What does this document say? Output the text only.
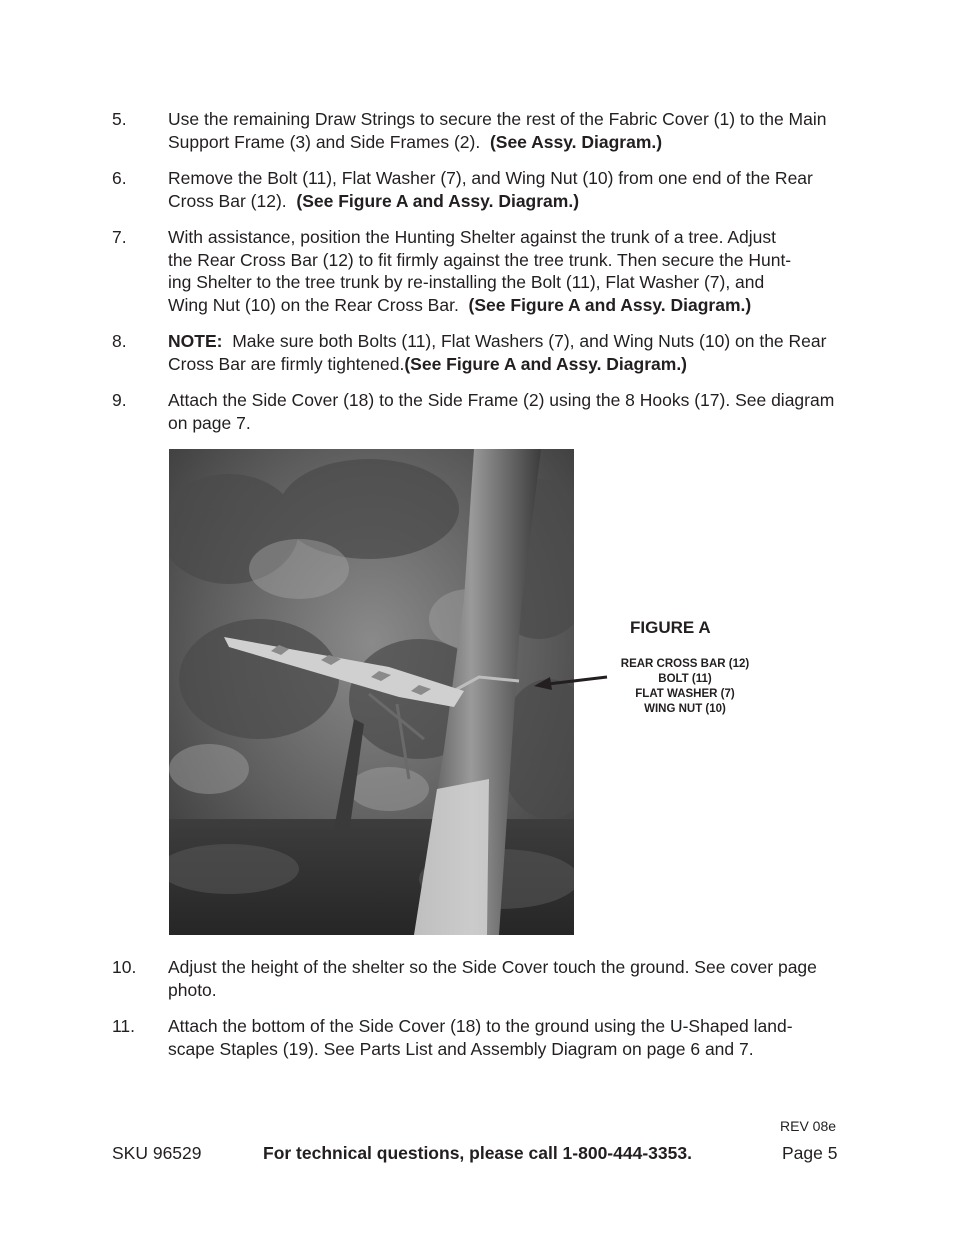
5. Use the remaining Draw Strings to secure the rest of the Fabric Cover (1) to the Main Support Frame (3) and Side Frames (2). (See Assy. Diagram.)
6. Remove the Bolt (11), Flat Washer (7), and Wing Nut (10) from one end of the Rear Cross Bar (12). (See Figure A and Assy. Diagram.)
7. With assistance, position the Hunting Shelter against the trunk of a tree. Adjust
the Rear Cross Bar (12) to fit firmly against the tree trunk. Then secure the Hunt-
ing Shelter to the tree trunk by re-installing the Bolt (11), Flat Washer (7), and
Wing Nut (10) on the Rear Cross Bar. (See Figure A and Assy. Diagram.)
8. NOTE: Make sure both Bolts (11), Flat Washers (7), and Wing Nuts (10) on the Rear Cross Bar are firmly tightened.(See Figure A and Assy. Diagram.)
9. Attach the Side Cover (18) to the Side Frame (2) using the 8 Hooks (17). See diagram on page 7.
FIGURE A
REAR CROSS BAR (12)
BOLT (11)
FLAT WASHER (7)
WING NUT (10)
10. Adjust the height of the shelter so the Side Cover touch the ground. See cover page photo.
11. Attach the bottom of the Side Cover (18) to the ground using the U-Shaped land-
scape Staples (19). See Parts List and Assembly Diagram on page 6 and 7.
REV 08e
SKU 96529	For technical questions, please call 1-800-444-3353.	Page 5
